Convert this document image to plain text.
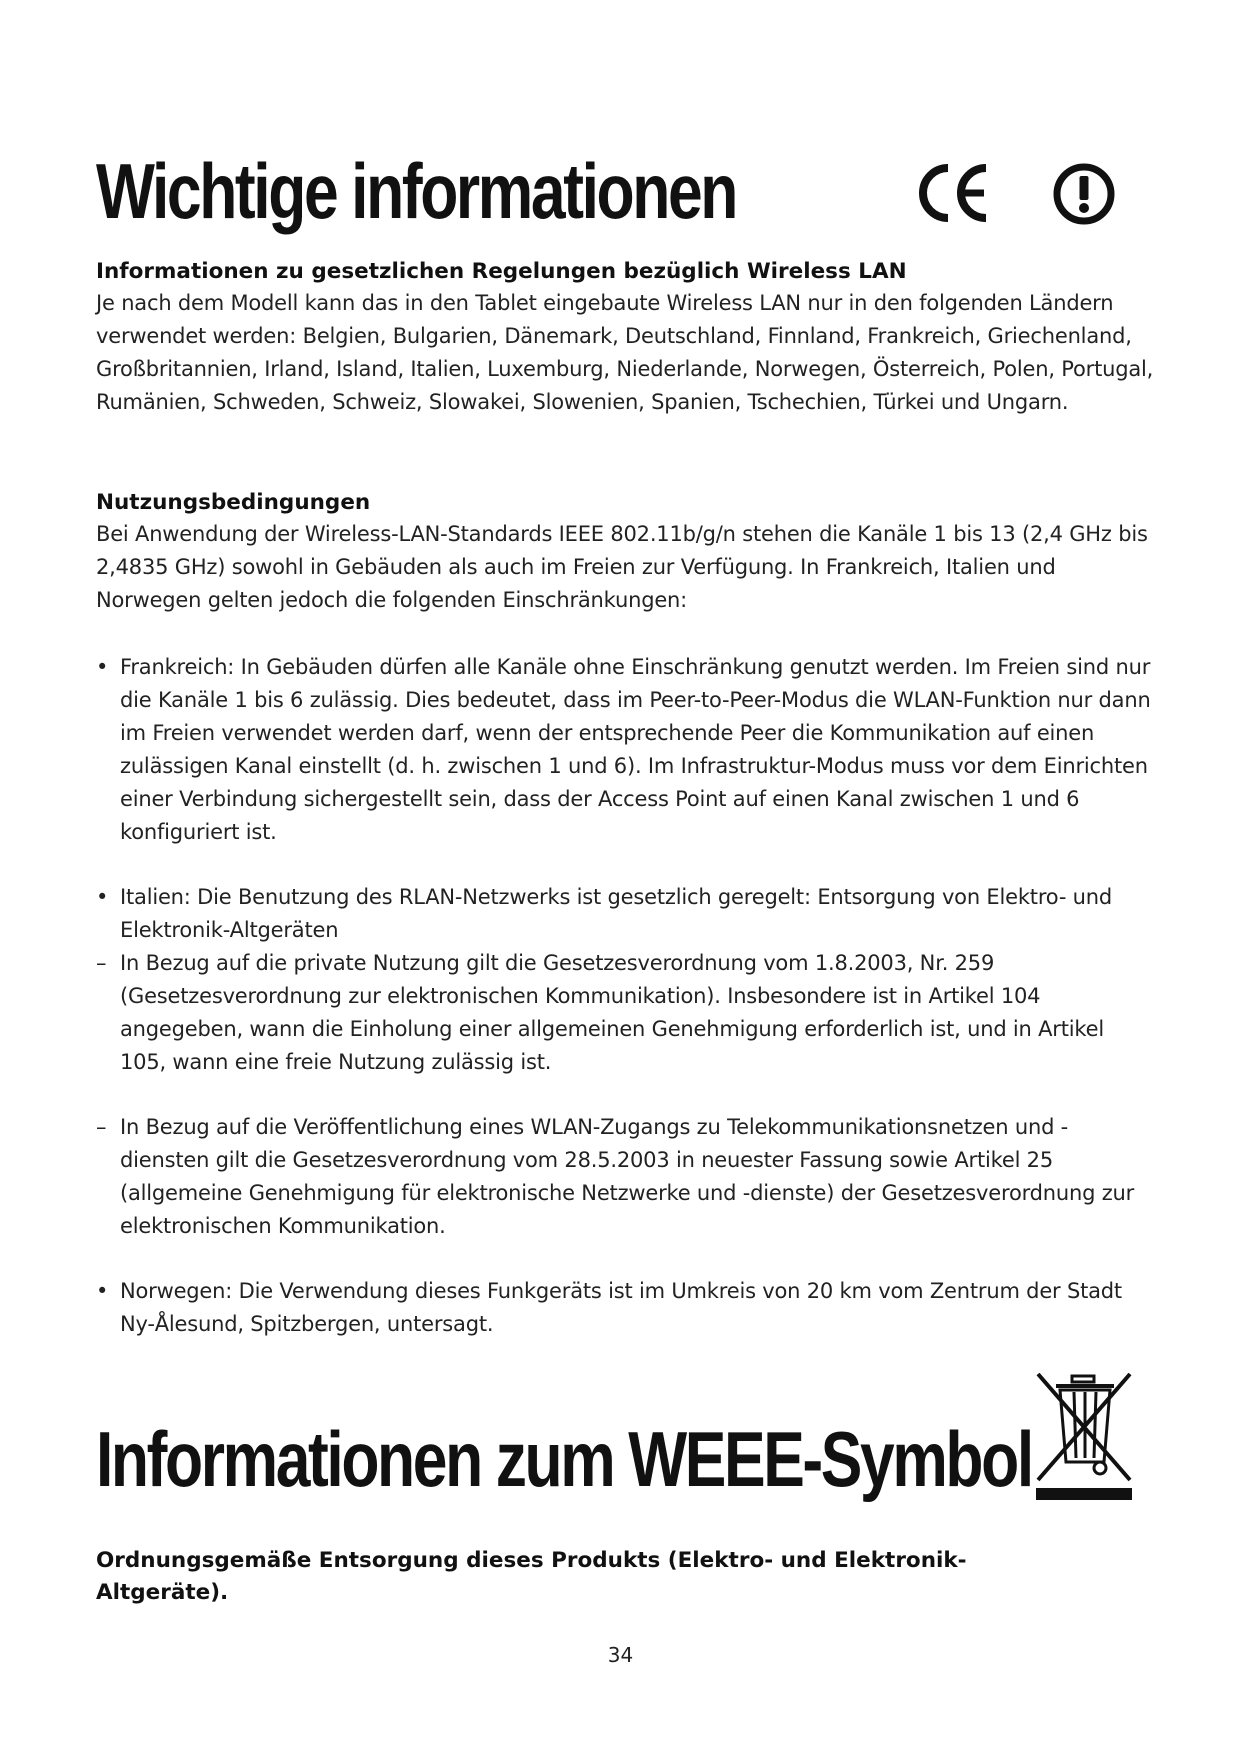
Wichtige informationen

Informationen zu gesetzlichen Regelungen bezüglich Wireless LAN

Je nach dem Modell kann das in den Tablet eingebaute Wireless LAN nur in den folgenden Ländern verwendet werden: Belgien, Bulgarien, Dänemark, Deutschland, Finnland, Frankreich, Griechenland, Großbritannien, Irland, Island, Italien, Luxemburg, Niederlande, Norwegen, Österreich, Polen, Portugal, Rumänien, Schweden, Schweiz, Slowakei, Slowenien, Spanien, Tschechien, Türkei und Ungarn.

Nutzungsbedingungen

Bei Anwendung der Wireless-LAN-Standards IEEE 802.11b/g/n stehen die Kanäle 1 bis 13 (2,4 GHz bis 2,4835 GHz) sowohl in Gebäuden als auch im Freien zur Verfügung. In Frankreich, Italien und Norwegen gelten jedoch die folgenden Einschränkungen:

• Frankreich: In Gebäuden dürfen alle Kanäle ohne Einschränkung genutzt werden. Im Freien sind nur die Kanäle 1 bis 6 zulässig. Dies bedeutet, dass im Peer-to-Peer-Modus die WLAN-Funktion nur dann im Freien verwendet werden darf, wenn der entsprechende Peer die Kommunikation auf einen zulässigen Kanal einstellt (d. h. zwischen 1 und 6). Im Infrastruktur-Modus muss vor dem Einrichten einer Verbindung sichergestellt sein, dass der Access Point auf einen Kanal zwischen 1 und 6 konfiguriert ist.
• Italien: Die Benutzung des RLAN-Netzwerks ist gesetzlich geregelt: Entsorgung von Elektro- und Elektronik-Altgeräten
– In Bezug auf die private Nutzung gilt die Gesetzesverordnung vom 1.8.2003, Nr. 259 (Gesetzesverordnung zur elektronischen Kommunikation). Insbesondere ist in Artikel 104 angegeben, wann die Einholung einer allgemeinen Genehmigung erforderlich ist, und in Artikel 105, wann eine freie Nutzung zulässig ist.
– In Bezug auf die Veröffentlichung eines WLAN-Zugangs zu Telekommunikationsnetzen und -diensten gilt die Gesetzesverordnung vom 28.5.2003 in neuester Fassung sowie Artikel 25 (allgemeine Genehmigung für elektronische Netzwerke und -dienste) der Gesetzesverordnung zur elektronischen Kommunikation.
• Norwegen: Die Verwendung dieses Funkgeräts ist im Umkreis von 20 km vom Zentrum der Stadt Ny-Ålesund, Spitzbergen, untersagt.
Informationen zum WEEE-Symbol

Ordnungsgemäße Entsorgung dieses Produkts (Elektro- und Elektronik-Altgeräte).

34
